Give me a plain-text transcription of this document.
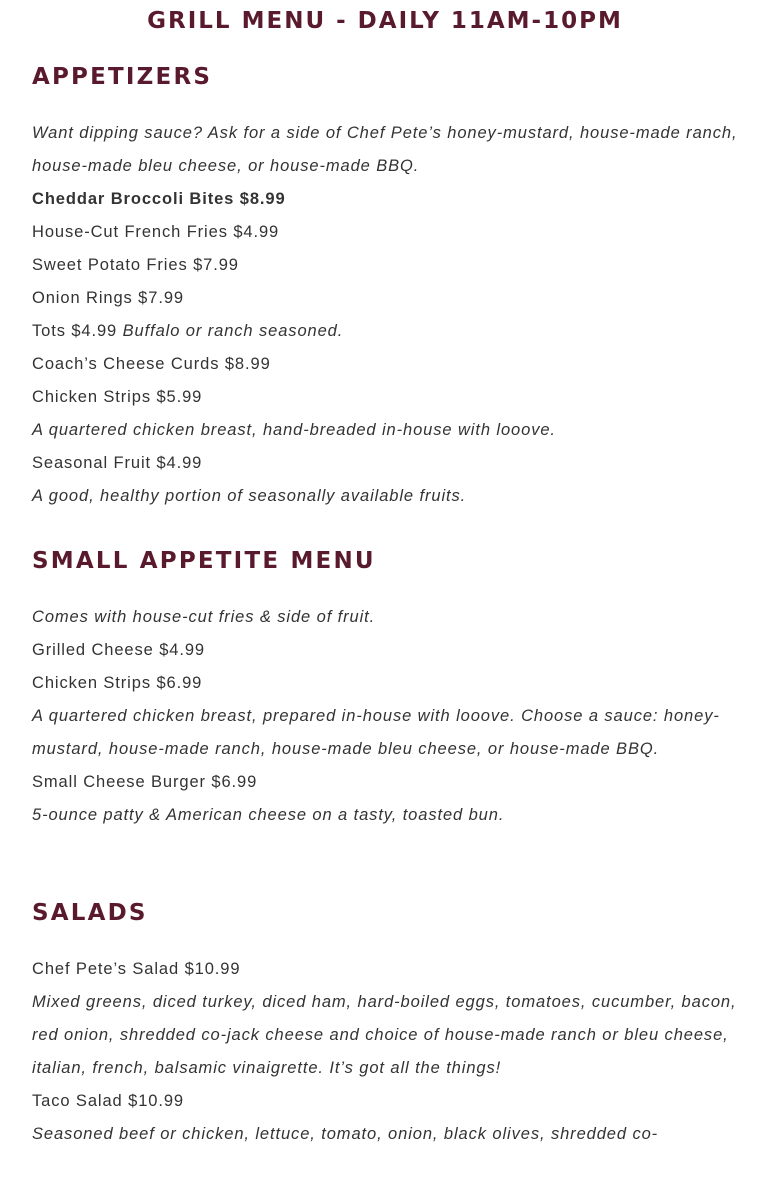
GRILL MENU - DAILY 11AM-10PM
APPETIZERS

Want dipping sauce? Ask for a side of Chef Pete’s honey-mustard, house-made ranch, house-made bleu cheese, or house-made BBQ.

Cheddar Broccoli Bites $8.99

House-Cut French Fries $4.99

Sweet Potato Fries $7.99

Onion Rings $7.99

Tots $4.99 Buffalo or ranch seasoned.

Coach’s Cheese Curds $8.99

Chicken Strips $5.99

A quartered chicken breast, hand-breaded in-house with looove.

Seasonal Fruit $4.99

A good, healthy portion of seasonally available fruits.

SMALL APPETITE MENU

Comes with house-cut fries & side of fruit.

Grilled Cheese $4.99

Chicken Strips $6.99

A quartered chicken breast, prepared in-house with looove. Choose a sauce: honey-mustard, house-made ranch, house-made bleu cheese, or house-made BBQ.

Small Cheese Burger $6.99

5-ounce patty & American cheese on a tasty, toasted bun.

SALADS

Chef Pete’s Salad $10.99

Mixed greens, diced turkey, diced ham, hard-boiled eggs, tomatoes, cucumber, bacon, red onion, shredded co-jack cheese and choice of house-made ranch or bleu cheese, italian, french, balsamic vinaigrette. It’s got all the things!

Taco Salad $10.99

Seasoned beef or chicken, lettuce, tomato, onion, black olives, shredded co-
